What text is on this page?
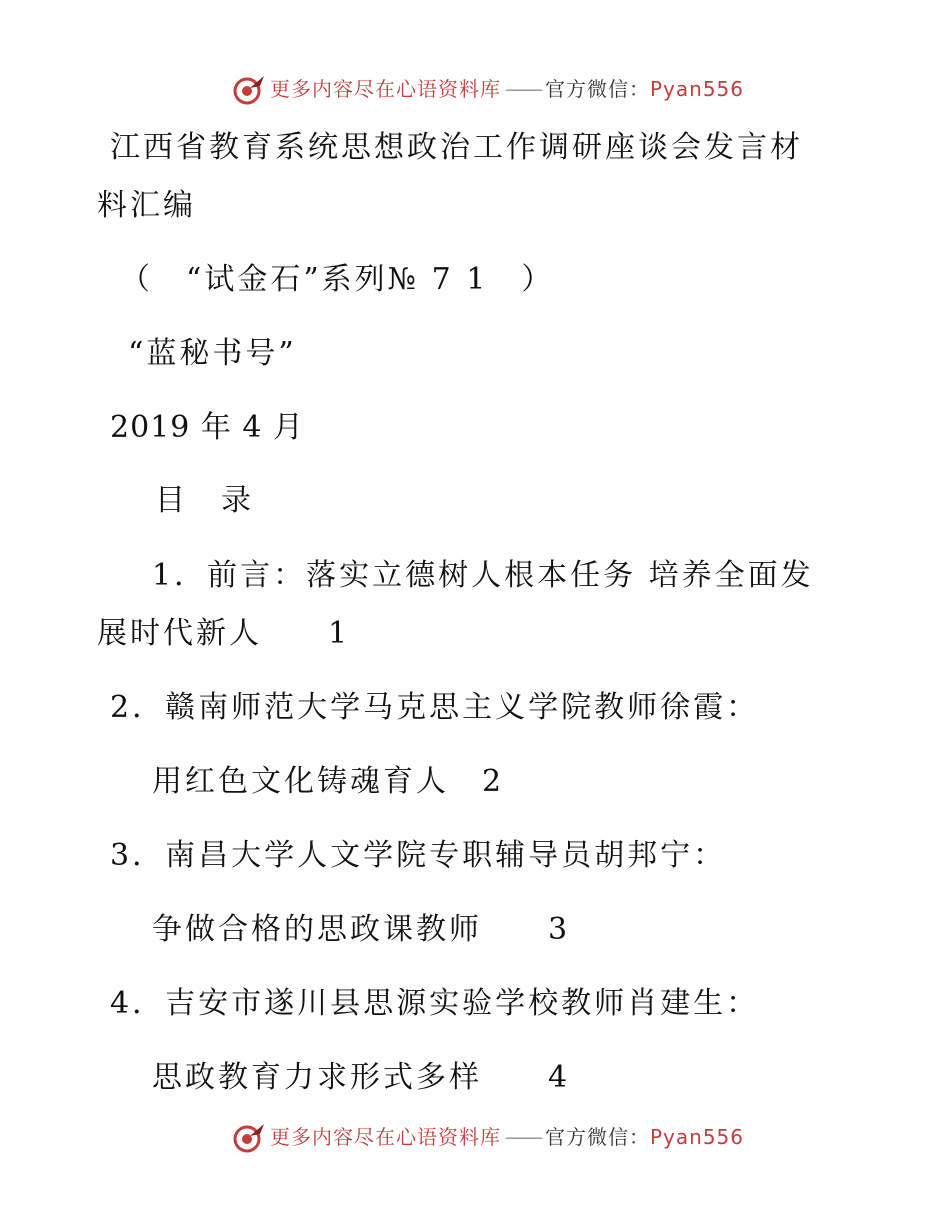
更多内容尽在心语资料库 —— 官方微信：Pyan556
江西省教育系统思想政治工作调研座谈会发言材
料汇编
（　“试金石”系列№ 7 1　）
“蓝秘书号”
2019 年 4 月
目　录
1．前言：落实立德树人根本任务 培养全面发
展时代新人　　1
2．赣南师范大学马克思主义学院教师徐霞：
用红色文化铸魂育人　2
3．南昌大学人文学院专职辅导员胡邦宁：
争做合格的思政课教师　　3
4．吉安市遂川县思源实验学校教师肖建生：
思政教育力求形式多样　　4
更多内容尽在心语资料库 —— 官方微信：Pyan556
